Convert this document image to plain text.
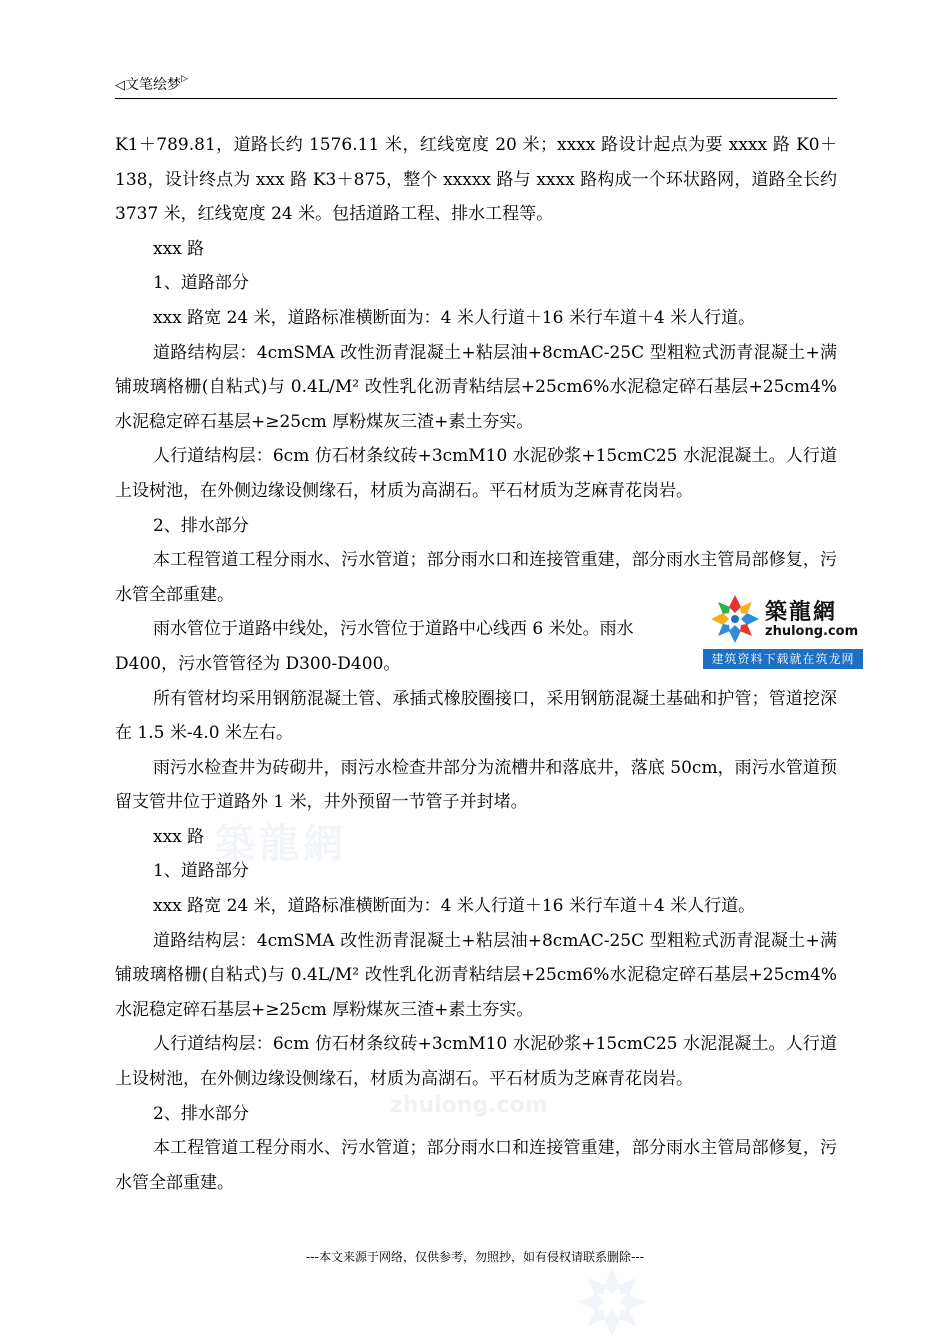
◁文笔绘梦▷
築龍網
zhulong.com

K1＋789.81，道路长约 1576.11 米，红线宽度 20 米；xxxx 路设计起点为要 xxxx 路 K0＋138，设计终点为 xxx 路 K3＋875，整个 xxxxx 路与 xxxx 路构成一个环状路网，道路全长约 3737 米，红线宽度 24 米。包括道路工程、排水工程等。

xxx 路

1、道路部分

xxx 路宽 24 米，道路标准横断面为：4 米人行道＋16 米行车道＋4 米人行道。

道路结构层：4cmSMA 改性沥青混凝土+粘层油+8cmAC-25C 型粗粒式沥青混凝土+满铺玻璃格栅(自粘式)与 0.4L/M² 改性乳化沥青粘结层+25cm6%水泥稳定碎石基层+25cm4%水泥稳定碎石基层+≥25cm 厚粉煤灰三渣+素土夯实。

人行道结构层：6cm 仿石材条纹砖+3cmM10 水泥砂浆+15cmC25 水泥混凝土。人行道上设树池，在外侧边缘设侧缘石，材质为高湖石。平石材质为芝麻青花岗岩。

2、排水部分

本工程管道工程分雨水、污水管道；部分雨水口和连接管重建，部分雨水主管局部修复，污水管全部重建。

雨水管位于道路中线处，污水管位于道路中心线西 6 米处。雨水

D400，污水管管径为 D300-D400。

所有管材均采用钢筋混凝土管、承插式橡胶圈接口，采用钢筋混凝土基础和护管；管道挖深在 1.5 米-4.0 米左右。

雨污水检查井为砖砌井，雨污水检查井部分为流槽井和落底井，落底 50cm，雨污水管道预留支管井位于道路外 1 米，井外预留一节管子并封堵。

xxx 路

1、道路部分

xxx 路宽 24 米，道路标准横断面为：4 米人行道＋16 米行车道＋4 米人行道。

道路结构层：4cmSMA 改性沥青混凝土+粘层油+8cmAC-25C 型粗粒式沥青混凝土+满铺玻璃格栅(自粘式)与 0.4L/M² 改性乳化沥青粘结层+25cm6%水泥稳定碎石基层+25cm4%水泥稳定碎石基层+≥25cm 厚粉煤灰三渣+素土夯实。

人行道结构层：6cm 仿石材条纹砖+3cmM10 水泥砂浆+15cmC25 水泥混凝土。人行道上设树池，在外侧边缘设侧缘石，材质为高湖石。平石材质为芝麻青花岗岩。

2、排水部分

本工程管道工程分雨水、污水管道；部分雨水口和连接管重建，部分雨水主管局部修复，污水管全部重建。

築龍網
zhulong.com
建筑资料下载就在筑龙网
---本文来源于网络，仅供参考，勿照抄，如有侵权请联系删除---
